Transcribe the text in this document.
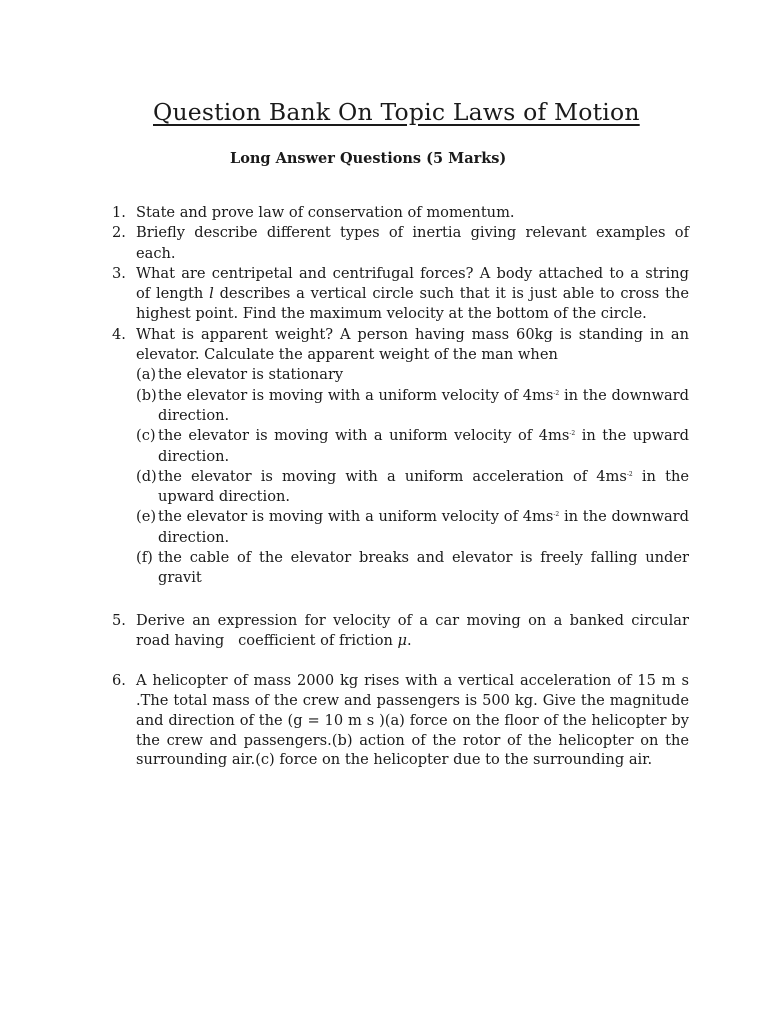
Question Bank On Topic Laws of Motion
Long Answer Questions (5 Marks)
1. State and prove law of conservation of momentum.
2. Briefly describe different types of inertia giving relevant examples of each.
3. What are centripetal and centrifugal forces? A body attached to a string of length l describes a vertical circle such that it is just able to cross the highest point. Find the maximum velocity at the bottom of the circle.
4. What is apparent weight? A person having mass 60kg is standing in an elevator. Calculate the apparent weight of the man when
(a) the elevator is stationary
(b) the elevator is moving with a uniform velocity of $4ms^{-2}$ in the downward direction.
(c) the elevator is moving with a uniform velocity of $4ms^{-2}$ in the upward direction.
(d) the elevator is moving with a uniform acceleration of $4ms^{-2}$ in the upward direction.
(e) the elevator is moving with a uniform velocity of $4ms^{-2}$ in the downward direction.
(f) the cable of the elevator breaks and elevator is freely falling under gravit
5. Derive an expression for velocity of a car moving on a banked circular road having   coefficient of friction μ.
6. A helicopter of mass 2000 kg rises with a vertical acceleration of 15 m s .The total mass of the crew and passengers is 500 kg. Give the magnitude and direction of the (g = 10 m s )(a) force on the floor of the helicopter by the crew and passengers.(b) action of the rotor of the helicopter on the surrounding air.(c) force on the helicopter due to the surrounding air.
